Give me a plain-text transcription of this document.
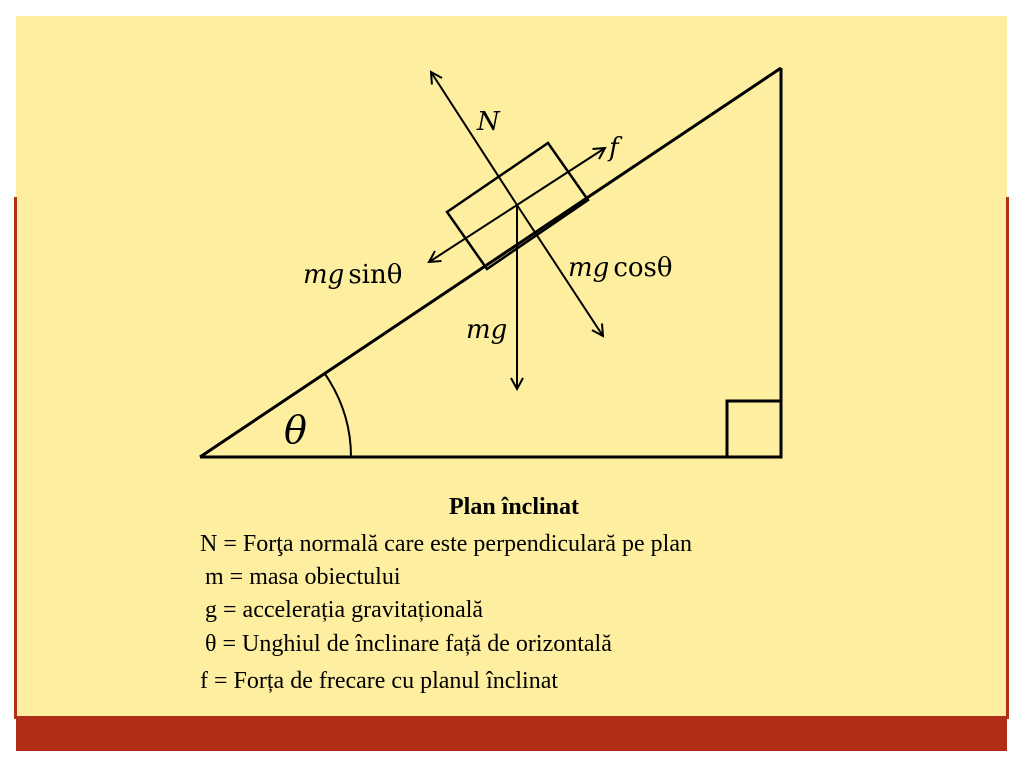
N
f
mg sinθ	mg cosθ
mg
θ
Plan înclinat
N = Forţa normală care este perpendiculară pe plan
m = masa obiectului
g = accelerația gravitațională
θ = Unghiul de înclinare față de orizontală
f = Forța de frecare cu planul înclinat
